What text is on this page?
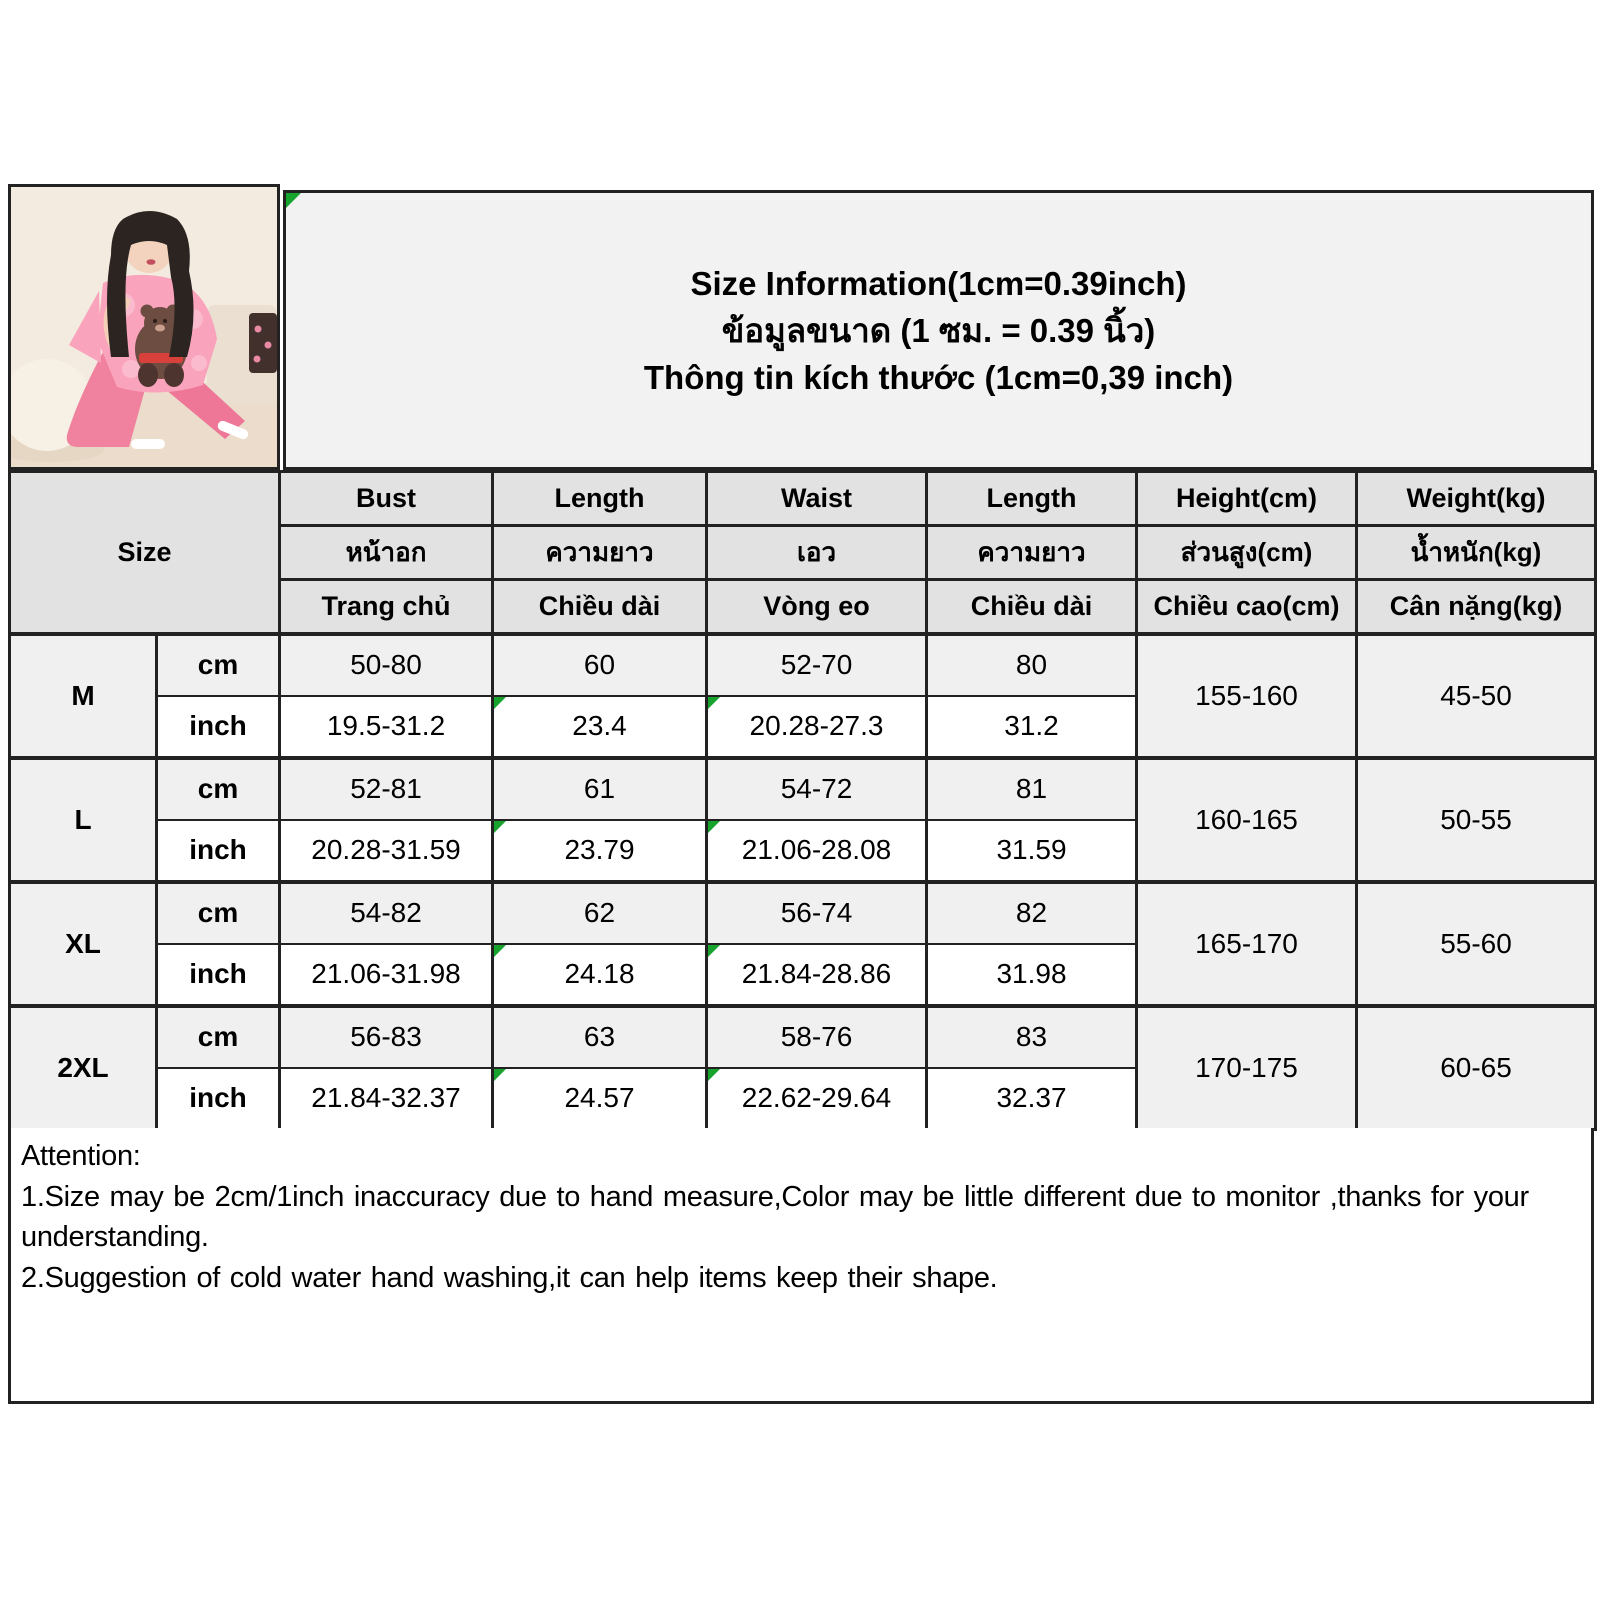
Size Information(1cm=0.39inch)
ข้อมูลขนาด (1 ซม. = 0.39 นิ้ว)
Thông tin kích thước (1cm=0,39 inch)
Size		Bust	Length	Waist	Length	Height(cm)	Weight(kg)
		หน้าอก	ความยาว	เอว	ความยาว	ส่วนสูง(cm)	น้ำหนัก(kg)
		Trang chủ	Chiều dài	Vòng eo	Chiều dài	Chiều cao(cm)	Cân nặng(kg)
M	cm	50-80	60	52-70	80	155-160	45-50
	inch	19.5-31.2	23.4	20.28-27.3	31.2		
L	cm	52-81	61	54-72	81	160-165	50-55
	inch	20.28-31.59	23.79	21.06-28.08	31.59		
XL	cm	54-82	62	56-74	82	165-170	55-60
	inch	21.06-31.98	24.18	21.84-28.86	31.98		
2XL	cm	56-83	63	58-76	83	170-175	60-65
	inch	21.84-32.37	24.57	22.62-29.64	32.37		

Attention:

1.Size may be 2cm/1inch inaccuracy due to hand measure,Color may be little different due to monitor ,thanks for your understanding.

2.Suggestion of cold water hand washing,it can help items keep their shape.
